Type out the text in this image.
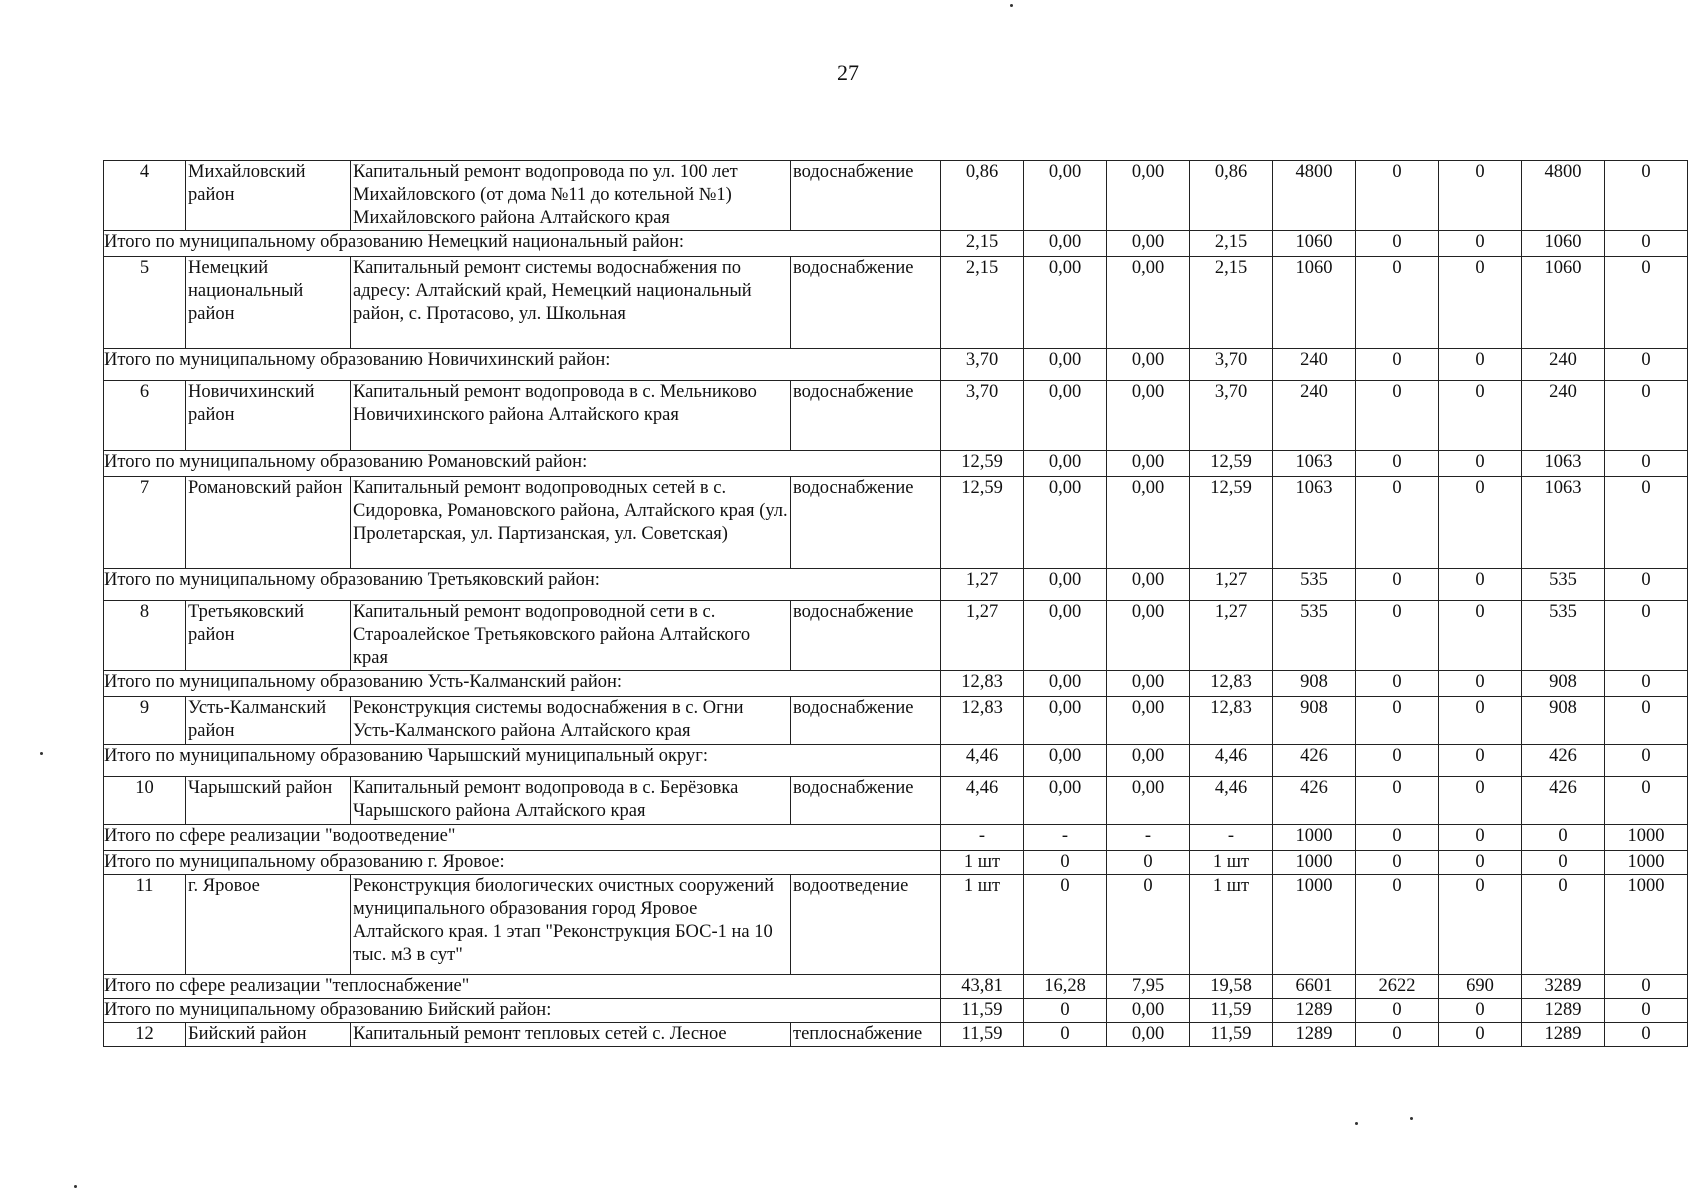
27
4	Михайловский район	Капитальный ремонт водопровода по ул. 100 лет Михайловского (от дома №11 до котельной №1) Михайловского района Алтайского края	водоснабжение	0,86	0,00	0,00	0,86	4800	0	0	4800	0
Итого по муниципальному образованию Немецкий национальный район:				2,15	0,00	0,00	2,15	1060	0	0	1060	0
5	Немецкий национальный район	Капитальный ремонт системы водоснабжения по адресу: Алтайский край, Немецкий национальный район, с. Протасово, ул. Школьная	водоснабжение	2,15	0,00	0,00	2,15	1060	0	0	1060	0
Итого по муниципальному образованию Новичихинский район:				3,70	0,00	0,00	3,70	240	0	0	240	0
6	Новичихинский район	Капитальный ремонт водопровода в с. Мельниково Новичихинского района Алтайского края	водоснабжение	3,70	0,00	0,00	3,70	240	0	0	240	0
Итого по муниципальному образованию Романовский район:				12,59	0,00	0,00	12,59	1063	0	0	1063	0
7	Романовский район	Капитальный ремонт водопроводных сетей в с. Сидоровка, Романовского района, Алтайского края (ул. Пролетарская, ул. Партизанская, ул. Советская)	водоснабжение	12,59	0,00	0,00	12,59	1063	0	0	1063	0
Итого по муниципальному образованию Третьяковский район:				1,27	0,00	0,00	1,27	535	0	0	535	0
8	Третьяковский район	Капитальный ремонт водопроводной сети в с. Староалейское Третьяковского района Алтайского края	водоснабжение	1,27	0,00	0,00	1,27	535	0	0	535	0
Итого по муниципальному образованию Усть-Калманский район:				12,83	0,00	0,00	12,83	908	0	0	908	0
9	Усть-Калманский район	Реконструкция системы водоснабжения в с. Огни Усть-Калманского района Алтайского края	водоснабжение	12,83	0,00	0,00	12,83	908	0	0	908	0
Итого по муниципальному образованию Чарышский муниципальный округ:				4,46	0,00	0,00	4,46	426	0	0	426	0
10	Чарышский район	Капитальный ремонт водопровода в с. Берёзовка Чарышского района Алтайского края	водоснабжение	4,46	0,00	0,00	4,46	426	0	0	426	0
Итого по сфере реализации "водоотведение"				-	-	-	-	1000	0	0	0	1000
Итого по муниципальному образованию г. Яровое:				1 шт	0	0	1 шт	1000	0	0	0	1000
11	г. Яровое	Реконструкция биологических очистных сооружений муниципального образования город Яровое Алтайского края. 1 этап "Реконструкция БОС-1 на 10 тыс. м3 в сут"	водоотведение	1 шт	0	0	1 шт	1000	0	0	0	1000
Итого по сфере реализации "теплоснабжение"				43,81	16,28	7,95	19,58	6601	2622	690	3289	0
Итого по муниципальному образованию Бийский район:				11,59	0	0,00	11,59	1289	0	0	1289	0
12	Бийский район	Капитальный ремонт тепловых сетей с. Лесное	теплоснабжение	11,59	0	0,00	11,59	1289	0	0	1289	0
